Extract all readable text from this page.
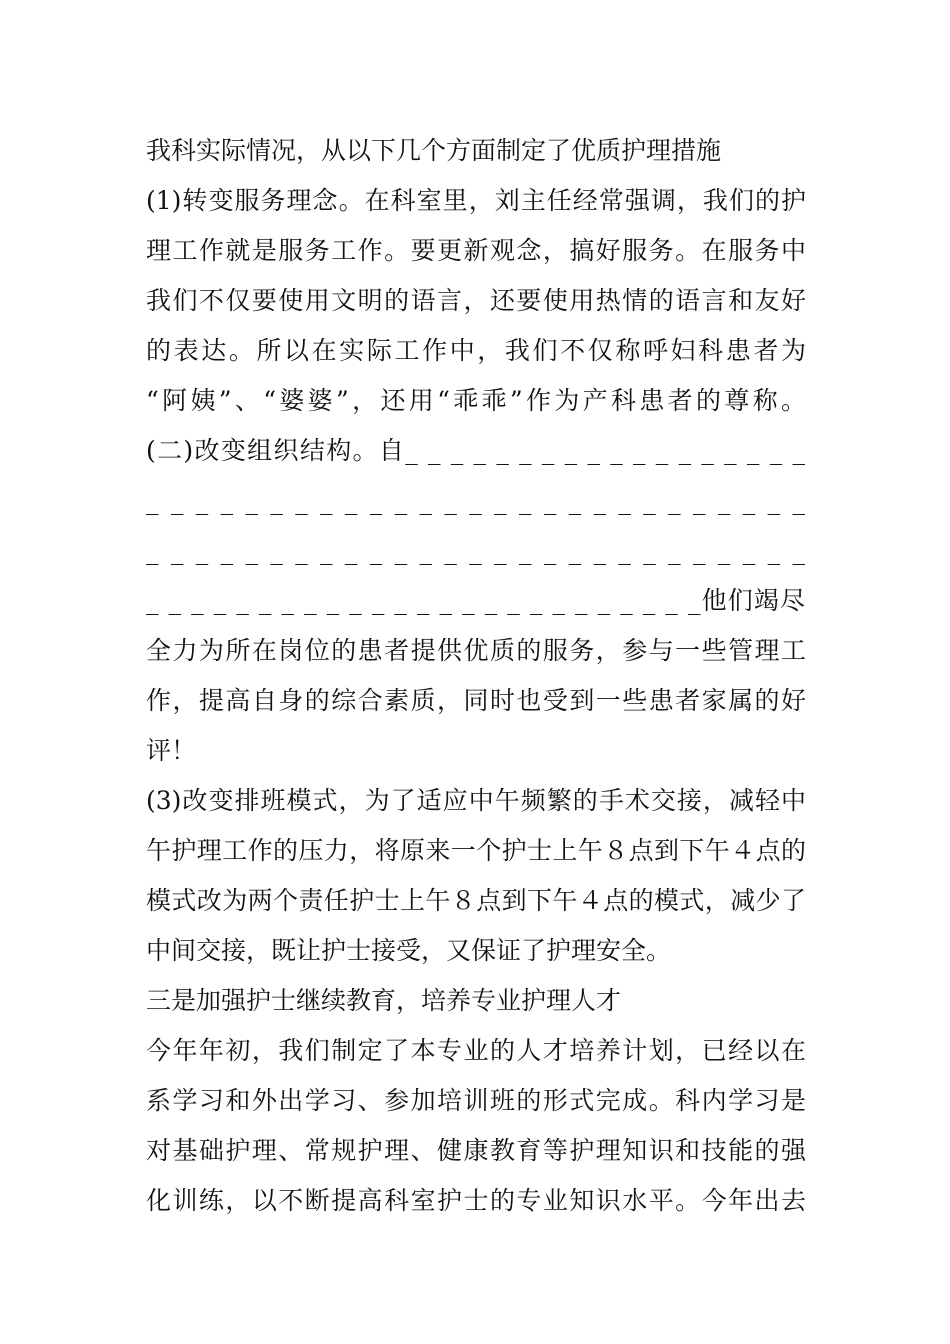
我科实际情况，从以下几个方面制定了优质护理措施
(1)转变服务理念。在科室里，刘主任经常强调，我们的护
理工作就是服务工作。要更新观念，搞好服务。在服务中
我们不仅要使用文明的语言，还要使用热情的语言和友好
的表达。所以在实际工作中，我们不仅称呼妇科患者为
“阿姨”、“婆婆”，还用“乖乖”作为产科患者的尊称。
(二)改变组织结构。自_ _ _ _ _ _ _ _ _ _ _ _ _ _ _ _ _ _
_ _ _ _ _ _ _ _ _ _ _ _ _ _ _ _ _ _ _ _ _ _ _ _ _ _ _
_ _ _ _ _ _ _ _ _ _ _ _ _ _ _ _ _ _ _ _ _ _ _ _ _ _ _
_ _ _ _ _ _ _ _ _ _ _ _ _ _ _ _ _ _ _ _ _ _ _ _ _他们竭尽
全力为所在岗位的患者提供优质的服务，参与一些管理工
作，提高自身的综合素质，同时也受到一些患者家属的好
评！
(3)改变排班模式，为了适应中午频繁的手术交接，减轻中
午护理工作的压力，将原来一个护士上午８点到下午４点的
模式改为两个责任护士上午８点到下午４点的模式，减少了
中间交接，既让护士接受，又保证了护理安全。
三是加强护士继续教育，培养专业护理人才
今年年初，我们制定了本专业的人才培养计划，已经以在
系学习和外出学习、参加培训班的形式完成。科内学习是
对基础护理、常规护理、健康教育等护理知识和技能的强
化训练，以不断提高科室护士的专业知识水平。今年出去
